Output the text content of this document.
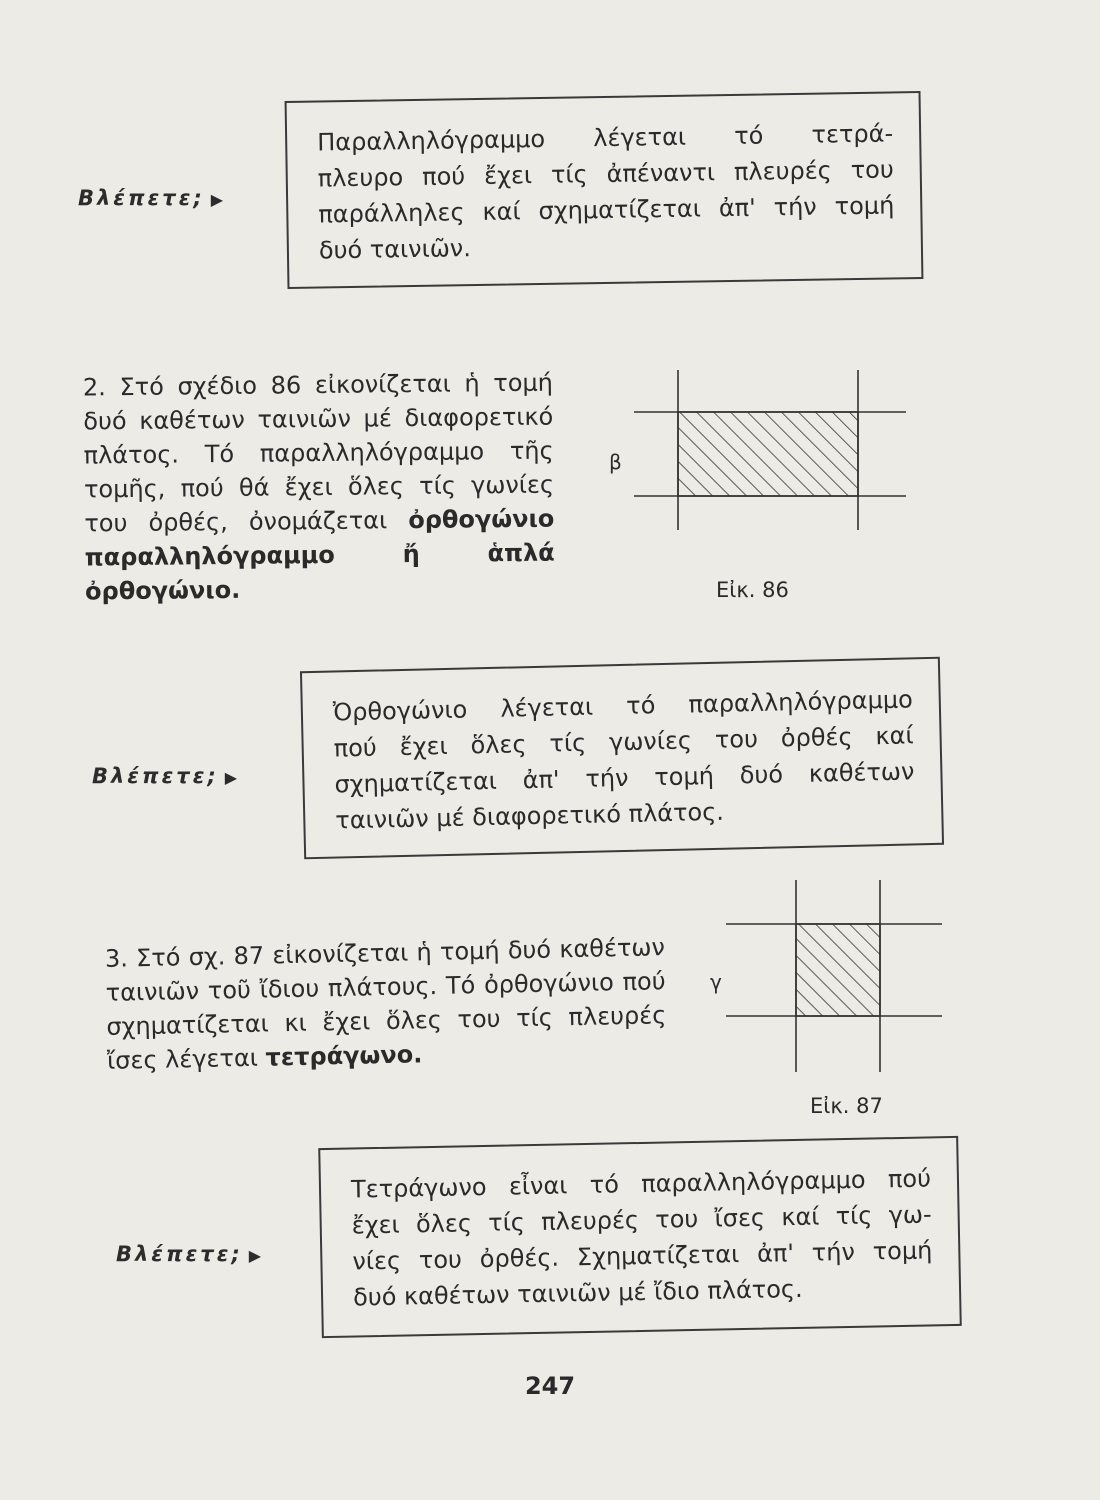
Βλέπετε; ▶
Παραλληλόγραμμο λέγεται τό τετρά-
πλευρο πού ἔχει τίς ἀπέναντι πλευρές του
παράλληλες καί σχηματίζεται ἀπ' τήν τομή
δυό ταινιῶν.
2. Στό σχέδιο 86 εἰκονίζεται ἡ τομή δυό καθέτων ταινιῶν μέ διαφορετικό πλάτος. Τό παραλληλόγραμμο τῆς τομῆς, πού θά ἔχει ὅλες τίς γωνίες του ὀρθές, ὀνομάζεται ὀρθογώνιο παραλληλόγραμμο ἤ ἁπλά ὀρθογώνιο.
β
Εἰκ. 86
Βλέπετε; ▶
Ὀρθογώνιο λέγεται τό παραλληλόγραμμο
πού ἔχει ὅλες τίς γωνίες του ὀρθές καί
σχηματίζεται ἀπ' τήν τομή δυό καθέτων
ταινιῶν μέ διαφορετικό πλάτος.
3. Στό σχ. 87 εἰκονίζεται ἡ τομή δυό καθέτων ταινιῶν τοῦ ἴδιου πλάτους. Τό ὀρθογώνιο πού σχηματίζεται κι ἔχει ὅλες του τίς πλευρές ἴσες λέγεται τετράγωνο.
γ
Εἰκ. 87
Βλέπετε; ▶
Τετράγωνο εἶναι τό παραλληλόγραμμο πού
ἔχει ὅλες τίς πλευρές του ἴσες καί τίς γω-
νίες του ὀρθές. Σχηματίζεται ἀπ' τήν τομή
δυό καθέτων ταινιῶν μέ ἴδιο πλάτος.
247
